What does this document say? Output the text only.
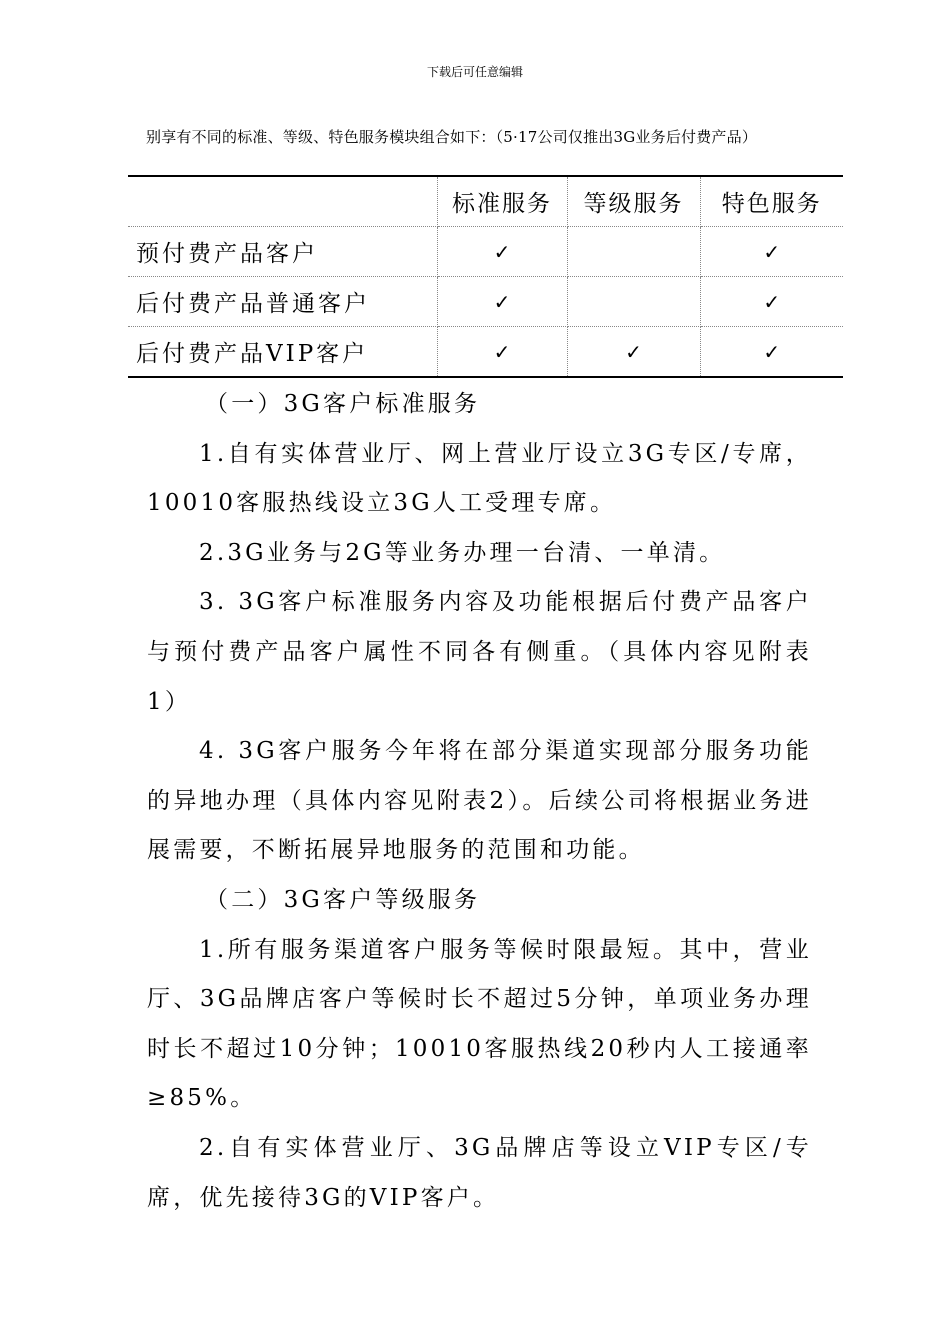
下载后可任意编辑
别享有不同的标准、等级、特色服务模块组合如下：（5·17公司仅推出3G业务后付费产品）
	标准服务	等级服务	特色服务
预付费产品客户	✓		✓
后付费产品普通客户	✓		✓
后付费产品VIP客户	✓	✓	✓

（一）3G客户标准服务

1.自有实体营业厅、网上营业厅设立3G专区/专席，10010客服热线设立3G人工受理专席。

2.3G业务与2G等业务办理一台清、一单清。

3. 3G客户标准服务内容及功能根据后付费产品客户与预付费产品客户属性不同各有侧重。（具体内容见附表1）

4. 3G客户服务今年将在部分渠道实现部分服务功能的异地办理（具体内容见附表2）。后续公司将根据业务进展需要，不断拓展异地服务的范围和功能。

（二）3G客户等级服务

1.所有服务渠道客户服务等候时限最短。其中，营业厅、3G品牌店客户等候时长不超过5分钟，单项业务办理时长不超过10分钟；10010客服热线20秒内人工接通率≥85%。

2.自有实体营业厅、3G品牌店等设立VIP专区/专席，优先接待3G的VIP客户。
